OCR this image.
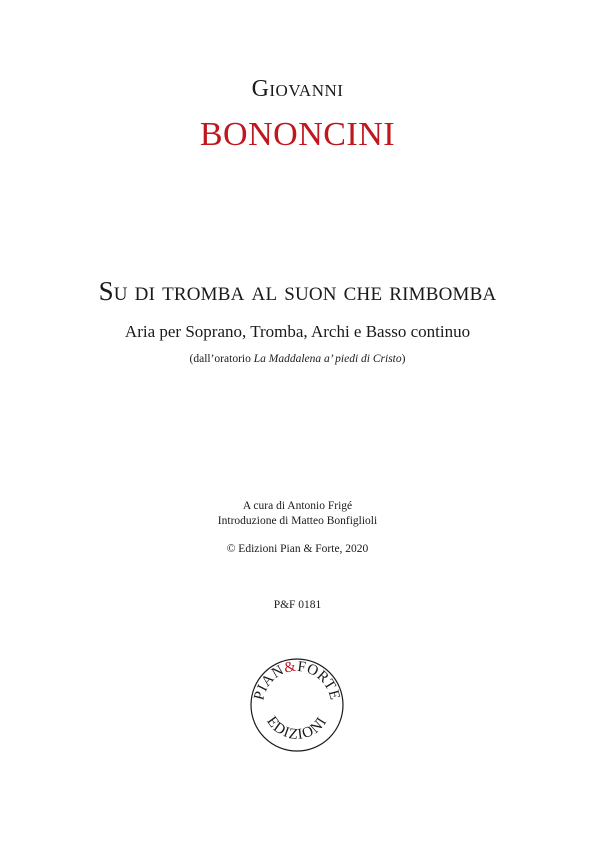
Giovanni
BONONCINI
Su di tromba al suon che rimbomba
Aria per Soprano, Tromba, Archi e Basso continuo
(dall’oratorio La Maddalena a’ piedi di Cristo)
A cura di Antonio Frigé
Introduzione di Matteo Bonfiglioli
© Edizioni Pian & Forte, 2020
P&F 0181
PIAN&FORTE
EDIZIONI
